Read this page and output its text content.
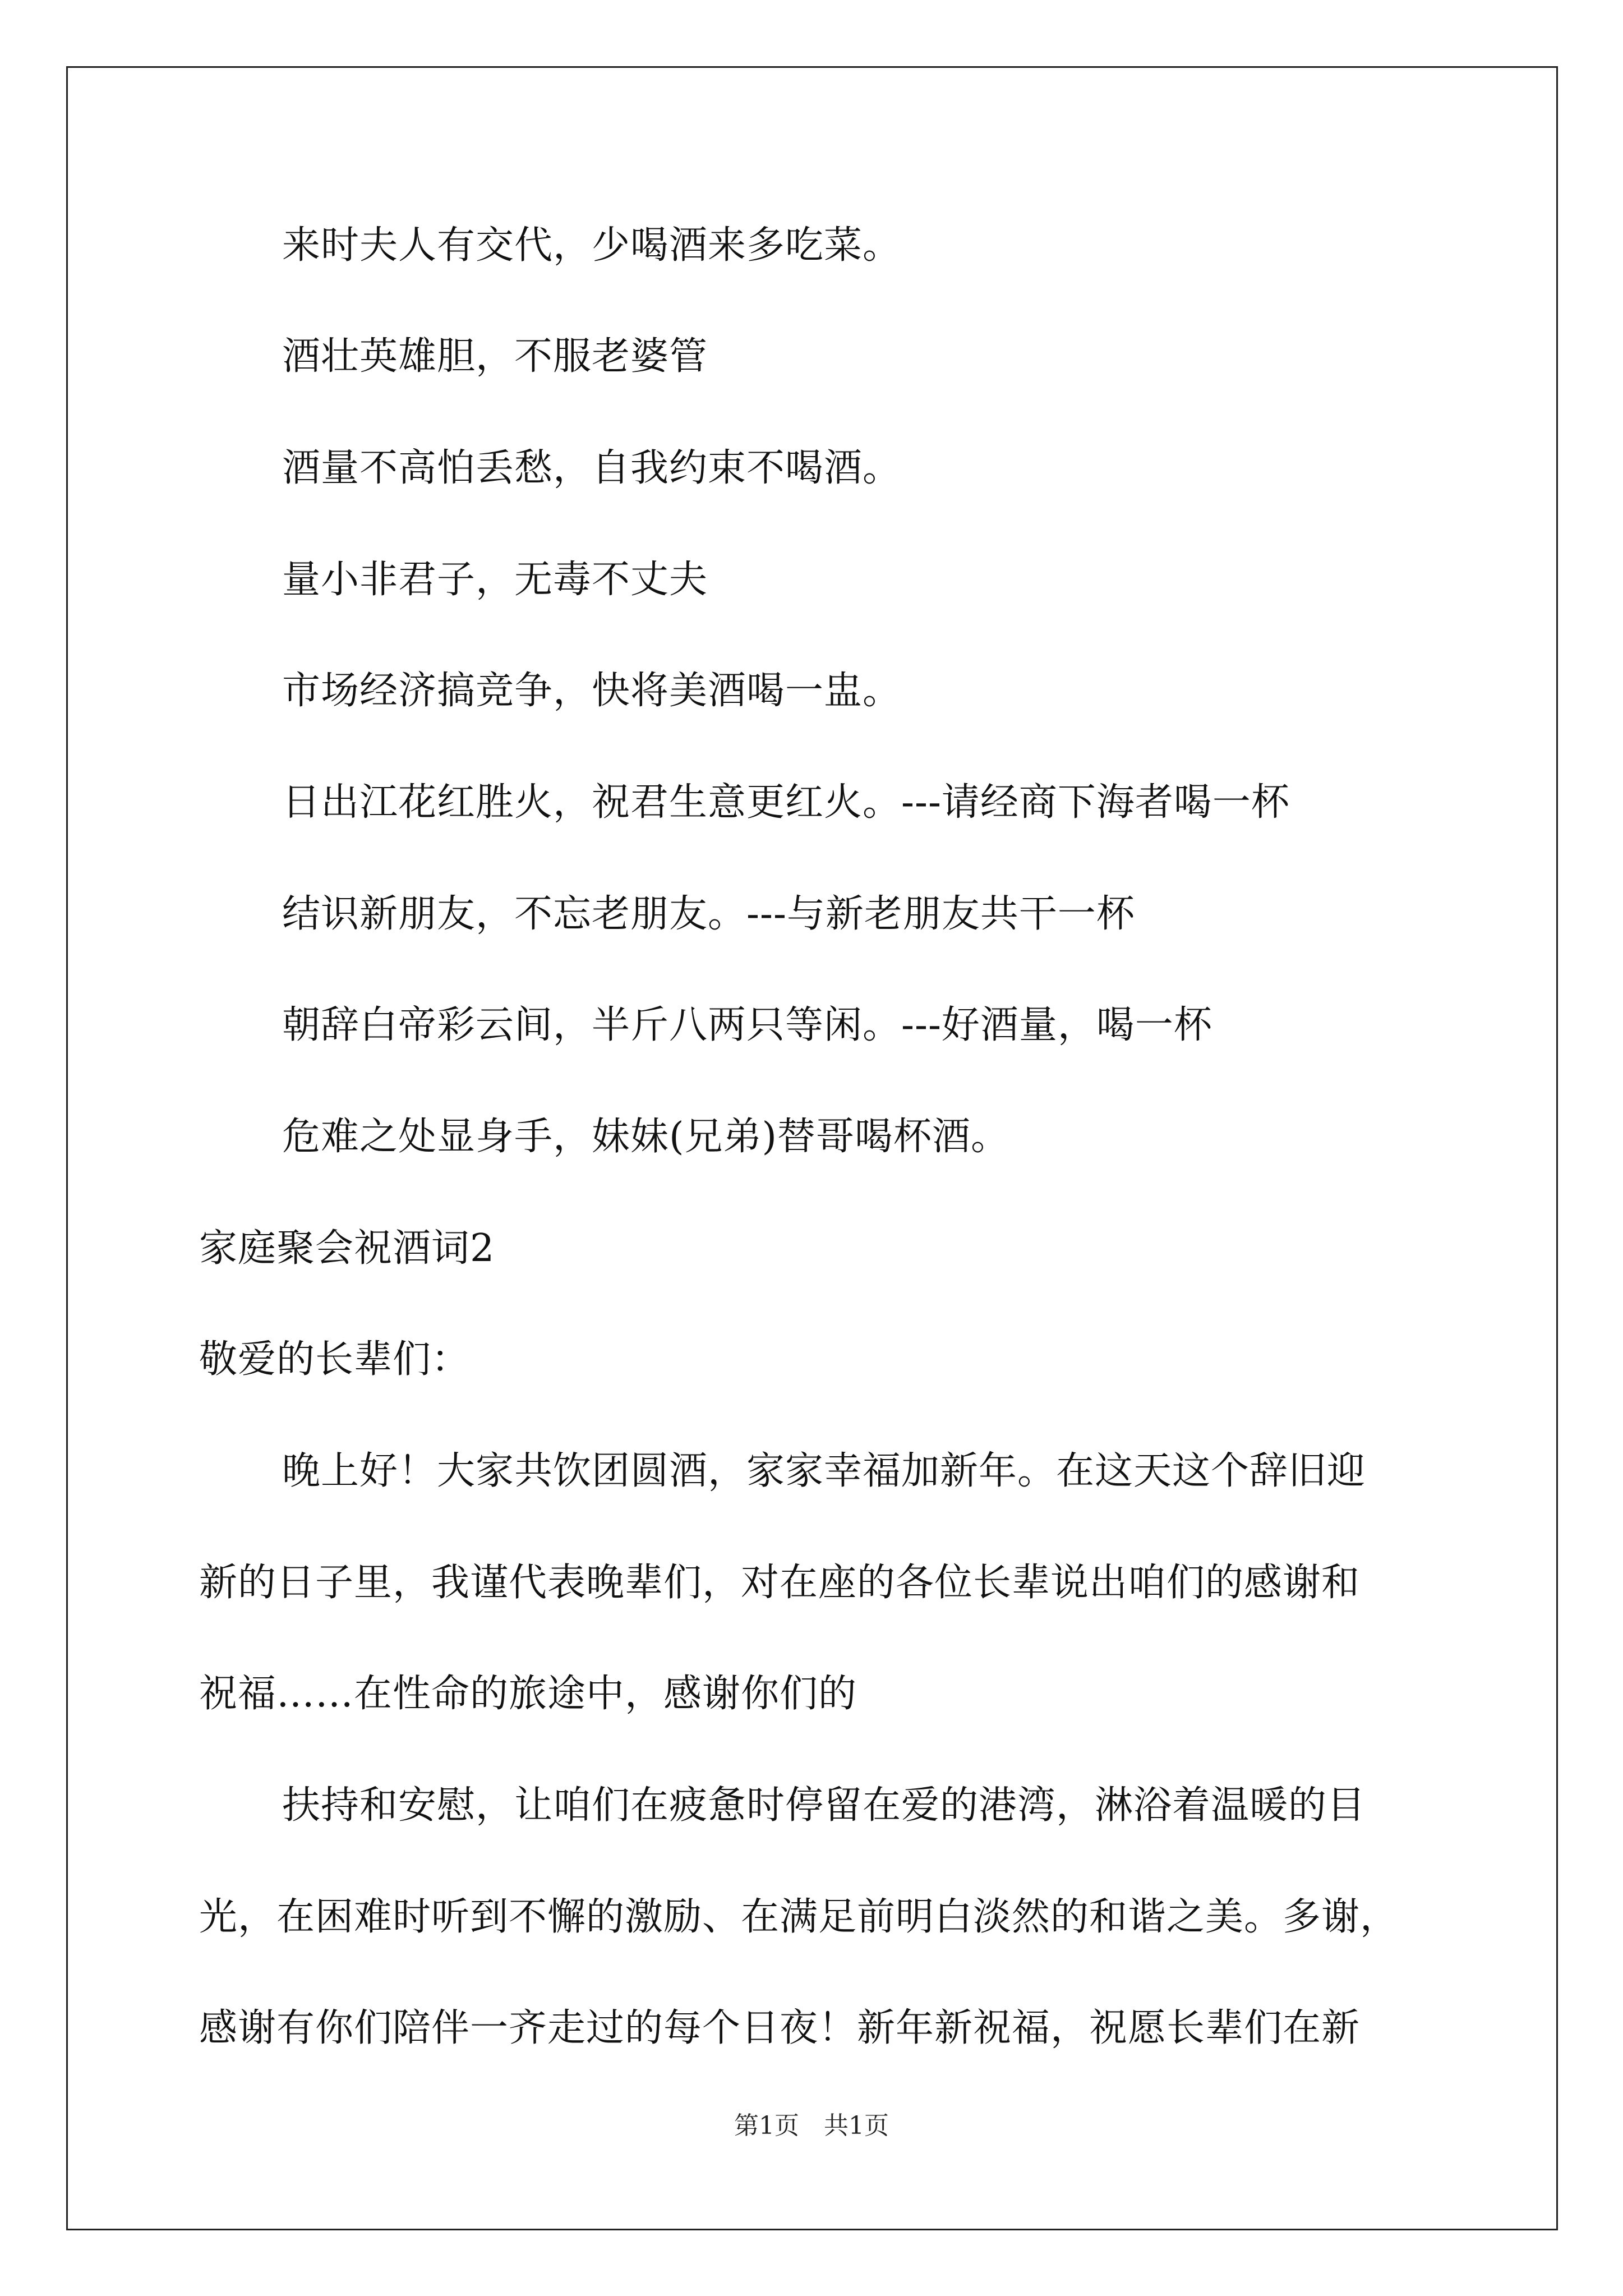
来时夫人有交代，少喝酒来多吃菜。
酒壮英雄胆，不服老婆管
酒量不高怕丢愁，自我约束不喝酒。
量小非君子，无毒不丈夫
市场经济搞竞争，快将美酒喝一盅。
日出江花红胜火，祝君生意更红火。---请经商下海者喝一杯
结识新朋友，不忘老朋友。---与新老朋友共干一杯
朝辞白帝彩云间，半斤八两只等闲。---好酒量，喝一杯
危难之处显身手，妹妹(兄弟)替哥喝杯酒。
家庭聚会祝酒词2
敬爱的长辈们：
晚上好！大家共饮团圆酒，家家幸福加新年。在这天这个辞旧迎
新的日子里，我谨代表晚辈们，对在座的各位长辈说出咱们的感谢和
祝福……在性命的旅途中，感谢你们的
扶持和安慰，让咱们在疲惫时停留在爱的港湾，淋浴着温暖的目
光，在困难时听到不懈的激励、在满足前明白淡然的和谐之美。多谢，
感谢有你们陪伴一齐走过的每个日夜！新年新祝福，祝愿长辈们在新
第1页　共1页
